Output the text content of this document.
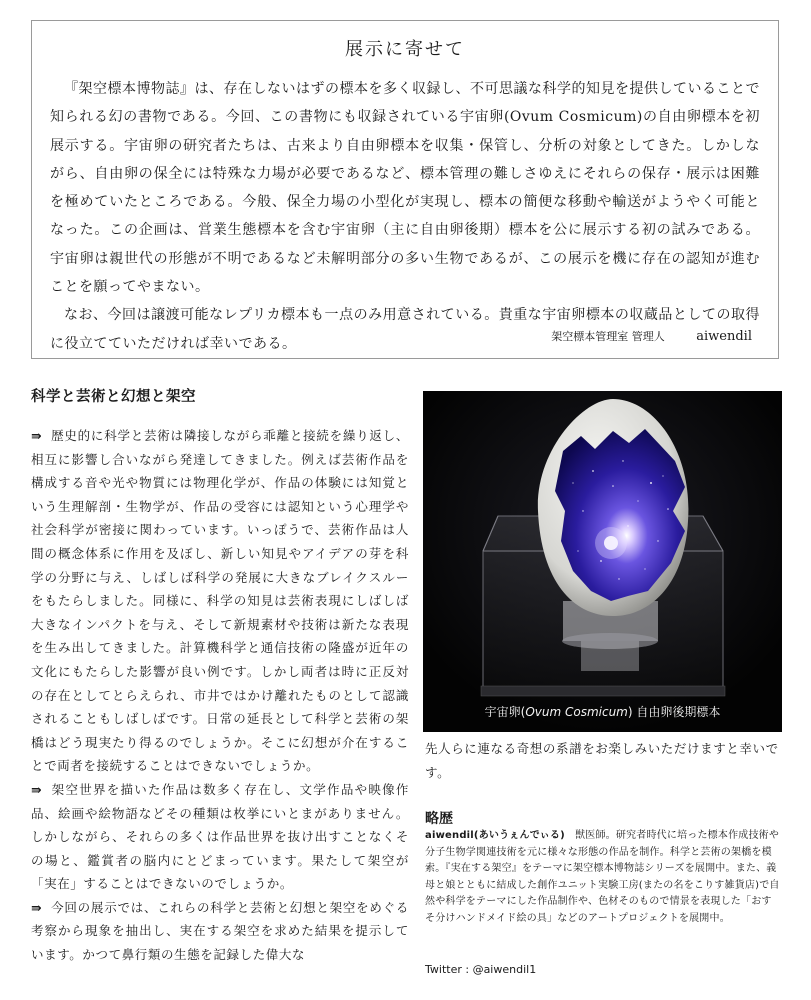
展示に寄せて

『架空標本博物誌』は、存在しないはずの標本を多く収録し、不可思議な科学的知見を提供していることで知られる幻の書物である。今回、この書物にも収録されている宇宙卵(Ovum Cosmicum)の自由卵標本を初展示する。宇宙卵の研究者たちは、古来より自由卵標本を収集・保管し、分析の対象としてきた。しかしながら、自由卵の保全には特殊な力場が必要であるなど、標本管理の難しさゆえにそれらの保存・展示は困難を極めていたところである。今般、保全力場の小型化が実現し、標本の簡便な移動や輸送がようやく可能となった。この企画は、営業生態標本を含む宇宙卵（主に自由卵後期）標本を公に展示する初の試みである。宇宙卵は親世代の形態が不明であるなど未解明部分の多い生物であるが、この展示を機に存在の認知が進むことを願ってやまない。

なお、今回は譲渡可能なレプリカ標本も一点のみ用意されている。貴重な宇宙卵標本の収蔵品としての取得に役立てていただければ幸いである。	架空標本管理室 管理人 aiwendil
科学と芸術と幻想と架空

⇛ 歴史的に科学と芸術は隣接しながら乖離と接続を繰り返し、相互に影響し合いながら発達してきました。例えば芸術作品を構成する音や光や物質には物理化学が、作品の体験には知覚という生理解剖・生物学が、作品の受容には認知という心理学や社会科学が密接に関わっています。いっぽうで、芸術作品は人間の概念体系に作用を及ぼし、新しい知見やアイデアの芽を科学の分野に与え、しばしば科学の発展に大きなブレイクスルーをもたらしました。同様に、科学の知見は芸術表現にしばしば大きなインパクトを与え、そして新規素材や技術は新たな表現を生み出してきました。計算機科学と通信技術の隆盛が近年の文化にもたらした影響が良い例です。しかし両者は時に正反対の存在としてとらえられ、市井ではかけ離れたものとして認識されることもしばしばです。日常の延長として科学と芸術の架橋はどう現実たり得るのでしょうか。そこに幻想が介在することで両者を接続することはできないでしょうか。

⇛ 架空世界を描いた作品は数多く存在し、文学作品や映像作品、絵画や絵物語などその種類は枚挙にいとまがありません。しかしながら、それらの多くは作品世界を抜け出すことなくその場と、鑑賞者の脳内にとどまっています。果たして架空が「実在」することはできないのでしょうか。

⇛ 今回の展示では、これらの科学と芸術と幻想と架空をめぐる考察から現象を抽出し、実在する架空を求めた結果を提示しています。かつて鼻行類の生態を記録した偉大な

宇宙卵(Ovum Cosmicum) 自由卵後期標本

先人らに連なる奇想の系譜をお楽しみいただけますと幸いです。

略歴

aiwendil(あいうぇんでぃる)　 獣医師。研究者時代に培った標本作成技術や分子生物学関連技術を元に様々な形態の作品を制作。科学と芸術の架橋を模索。『実在する架空』をテーマに架空標本博物誌シリーズを展開中。また、義母と娘とともに結成した創作ユニット実験工房(またの名をこりす雑貨店)で自然や科学をテーマにした作品制作や、色材そのもので情景を表現した「おすそ分けハンドメイド絵の具」などのアートプロジェクトを展開中。

Twitter : @aiwendil1
